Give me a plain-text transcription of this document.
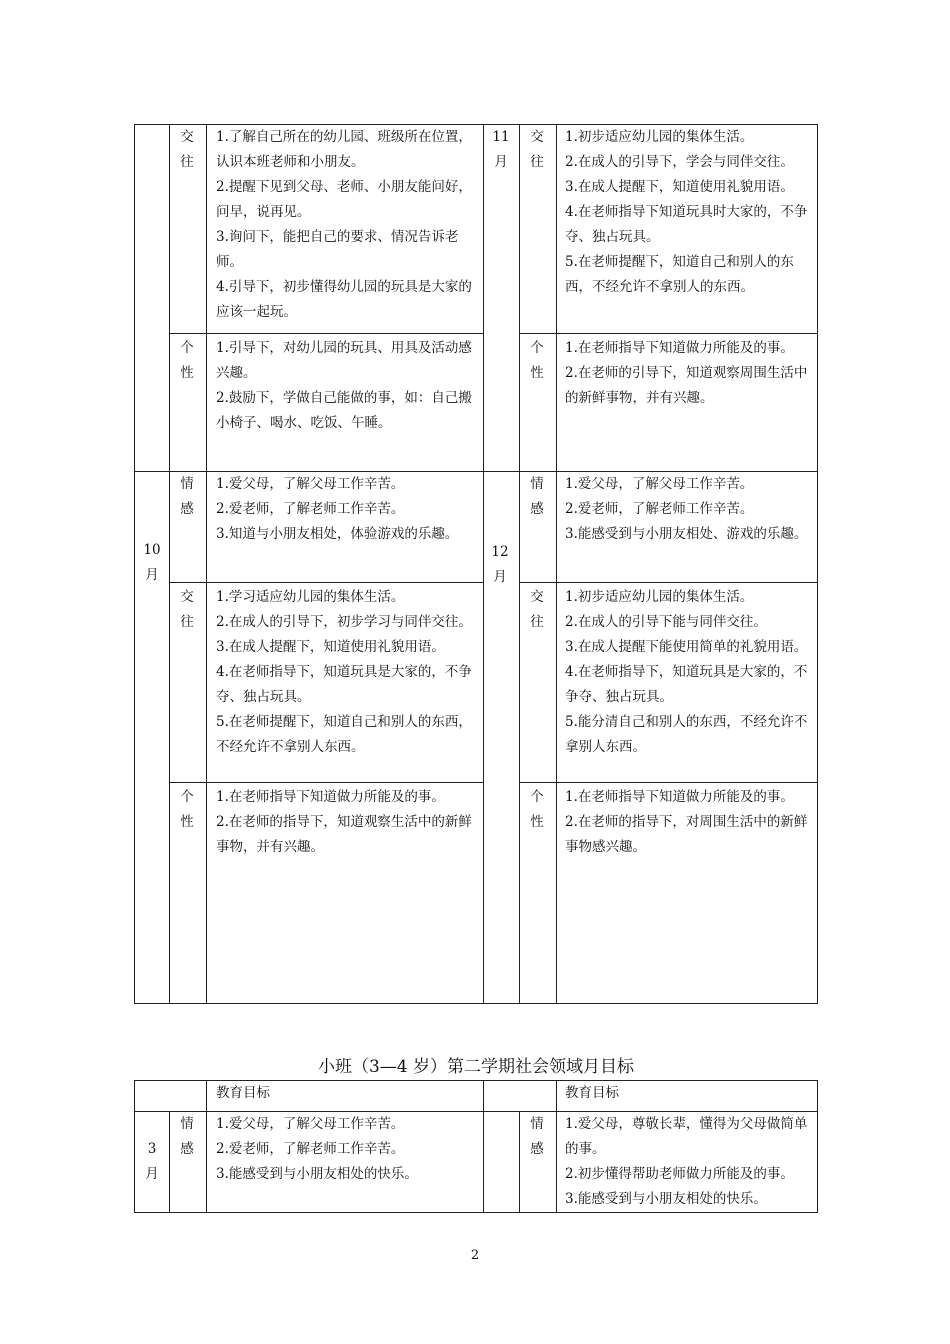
交往
1.了解自己所在的幼儿园、班级所在位置，认识本班老师和小朋友。
2.提醒下见到父母、老师、小朋友能问好，问早，说再见。
3.询问下，能把自己的要求、情况告诉老师。
4.引导下，初步懂得幼儿园的玩具是大家的应该一起玩。
个性
1.引导下，对幼儿园的玩具、用具及活动感兴趣。
2.鼓励下，学做自己能做的事，如：自己搬小椅子、喝水、吃饭、午睡。
11月
交往
1.初步适应幼儿园的集体生活。
2.在成人的引导下，学会与同伴交往。
3.在成人提醒下，知道使用礼貌用语。
4.在老师指导下知道玩具时大家的，不争夺、独占玩具。
5.在老师提醒下，知道自己和别人的东西，不经允许不拿别人的东西。
个性
1.在老师指导下知道做力所能及的事。
2.在老师的引导下，知道观察周围生活中的新鲜事物，并有兴趣。
10月
情感
1.爱父母，了解父母工作辛苦。
2.爱老师，了解老师工作辛苦。
3.知道与小朋友相处，体验游戏的乐趣。
交往
1.学习适应幼儿园的集体生活。
2.在成人的引导下，初步学习与同伴交往。
3.在成人提醒下，知道使用礼貌用语。
4.在老师指导下，知道玩具是大家的，不争夺、独占玩具。
5.在老师提醒下，知道自己和别人的东西，不经允许不拿别人东西。
个性
1.在老师指导下知道做力所能及的事。
2.在老师的指导下，知道观察生活中的新鲜事物，并有兴趣。
12月
情感
1.爱父母，了解父母工作辛苦。
2.爱老师，了解老师工作辛苦。
3.能感受到与小朋友相处、游戏的乐趣。
交往
1.初步适应幼儿园的集体生活。
2.在成人的引导下能与同伴交往。
3.在成人提醒下能使用简单的礼貌用语。
4.在老师指导下，知道玩具是大家的，不争夺、独占玩具。
5.能分清自己和别人的东西，不经允许不拿别人东西。
个性
1.在老师指导下知道做力所能及的事。
2.在老师的指导下，对周围生活中的新鲜事物感兴趣。
小班（3—4 岁）第二学期社会领域月目标
教育目标	教育目标
3月
情感
1.爱父母，了解父母工作辛苦。
2.爱老师，了解老师工作辛苦。
3.能感受到与小朋友相处的快乐。
情感
1.爱父母，尊敬长辈，懂得为父母做简单的事。
2.初步懂得帮助老师做力所能及的事。
3.能感受到与小朋友相处的快乐。
2
